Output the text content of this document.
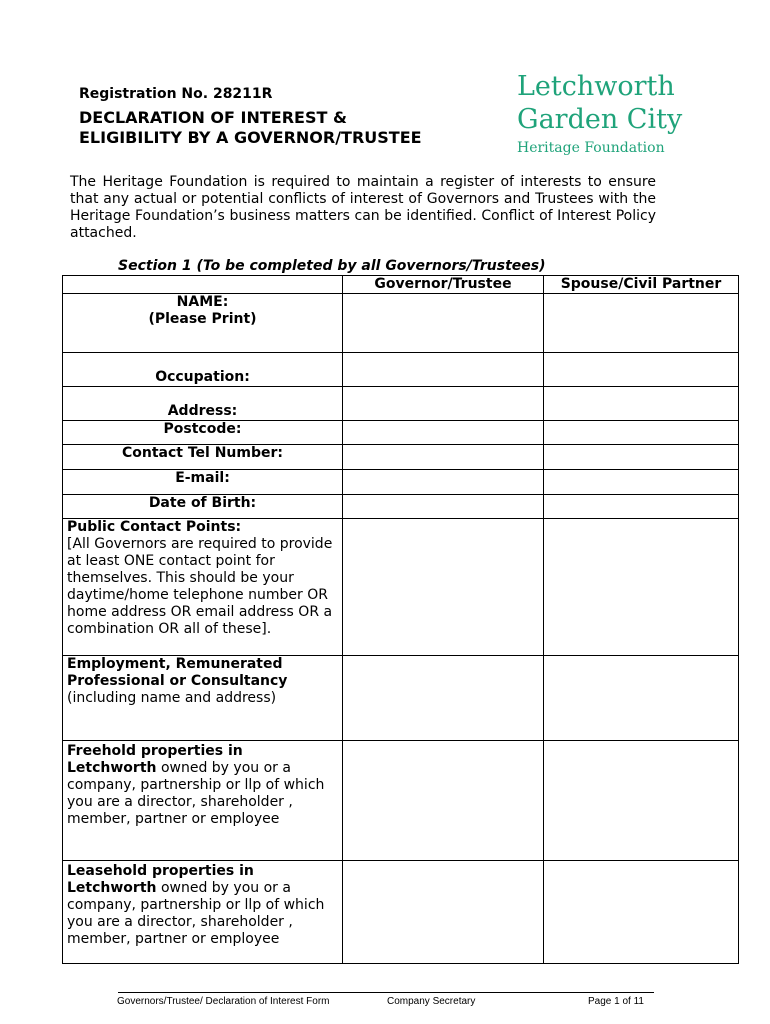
Registration No. 28211R
DECLARATION OF INTEREST &
ELIGIBILITY BY A GOVERNOR/TRUSTEE
Letchworth
Garden City
Heritage Foundation
The Heritage Foundation is required to maintain a register of interests to ensure that any actual or potential conflicts of interest of Governors and Trustees with the Heritage Foundation’s business matters can be identified. Conflict of Interest Policy attached.
Section 1 (To be completed by all Governors/Trustees)
	Governor/Trustee	Spouse/Civil Partner

NAME:
(Please Print)		

Occupation:		
Address:		
Postcode:		
Contact Tel Number:		
E-mail:		
Date of Birth:		

Public Contact Points:
[All Governors are required to provide at least ONE contact point for themselves. This should be your daytime/home telephone number OR home address OR email address OR a combination OR all of these].		

Employment, Remunerated
Professional or Consultancy
(including name and address)		

Freehold properties in
Letchworth owned by you or a company, partnership or llp of which you are a director, shareholder , member, partner or employee		
Leasehold properties in
Letchworth owned by you or a company, partnership or llp of which you are a director, shareholder , member, partner or employee		
Governors/Trustee/ Declaration of Interest Form	Company Secretary	Page 1 of 11
